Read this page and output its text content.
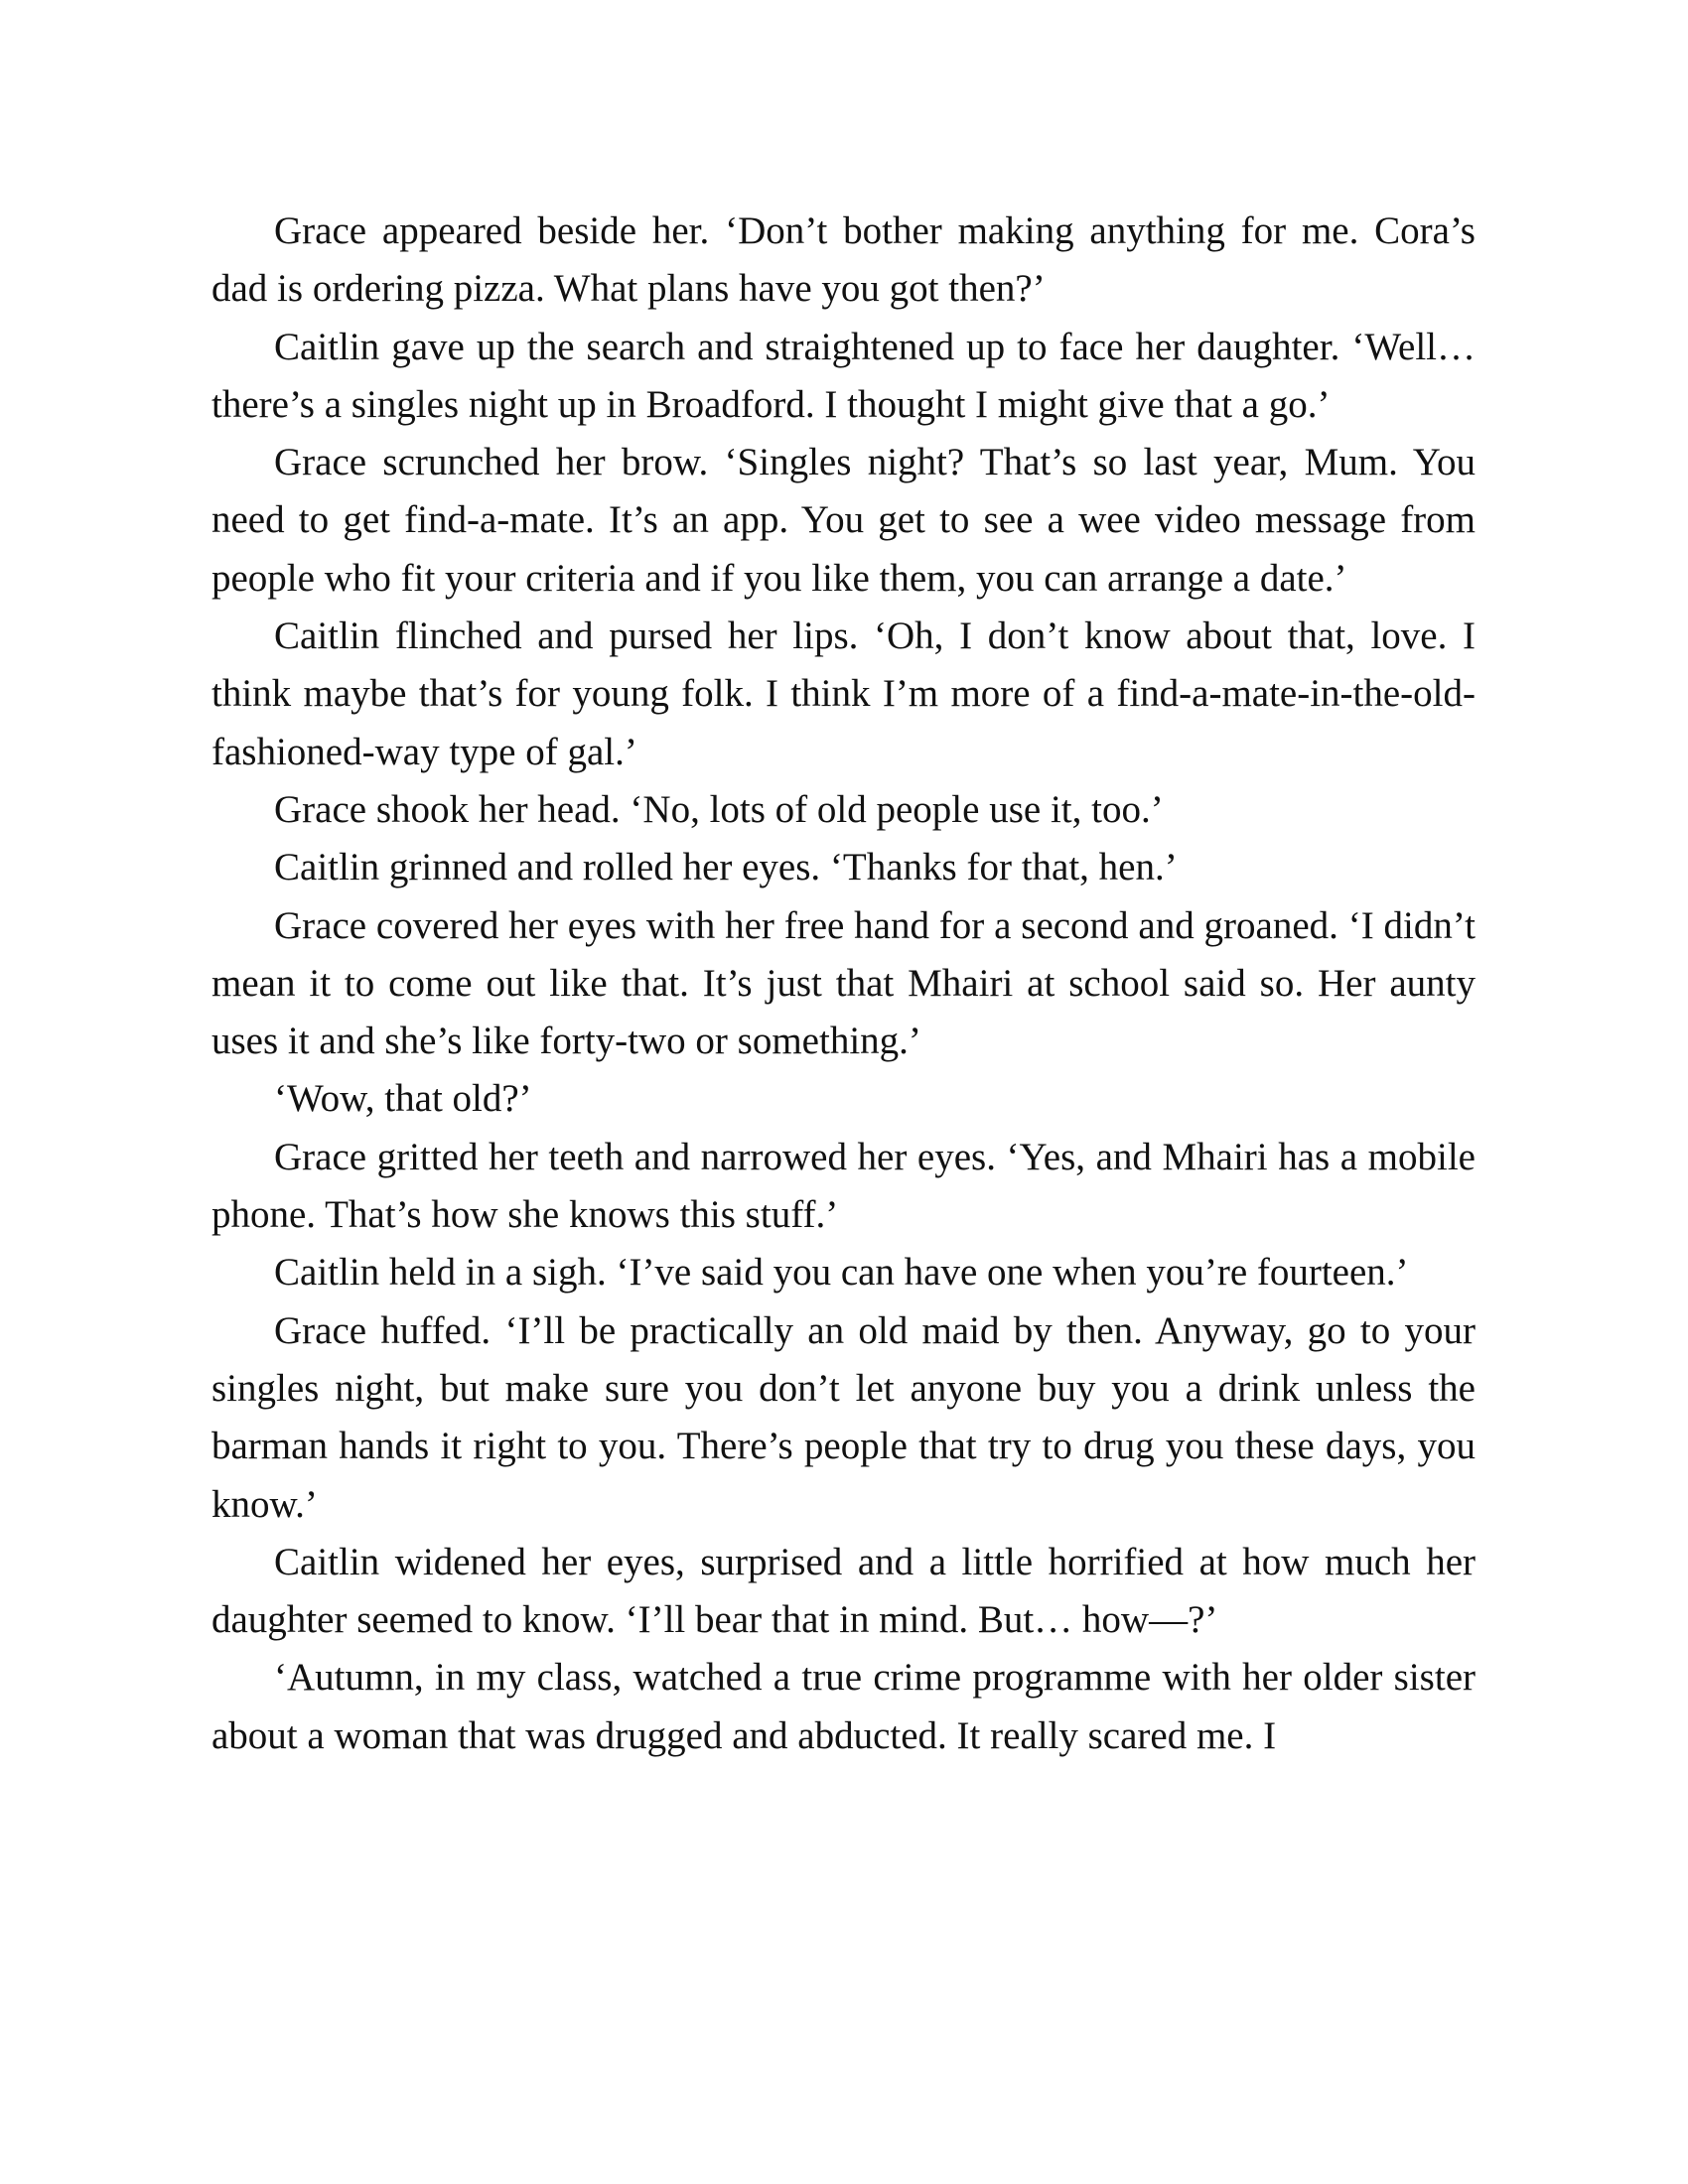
Grace appeared beside her. ‘Don’t bother making anything for me. Cora’s dad is ordering pizza. What plans have you got then?’

Caitlin gave up the search and straightened up to face her daughter. ‘Well… there’s a singles night up in Broadford. I thought I might give that a go.’

Grace scrunched her brow. ‘Singles night? That’s so last year, Mum. You need to get find-a-mate. It’s an app. You get to see a wee video message from people who fit your criteria and if you like them, you can arrange a date.’

Caitlin flinched and pursed her lips. ‘Oh, I don’t know about that, love. I think maybe that’s for young folk. I think I’m more of a find-a-mate-in-the-old-fashioned-way type of gal.’

Grace shook her head. ‘No, lots of old people use it, too.’

Caitlin grinned and rolled her eyes. ‘Thanks for that, hen.’

Grace covered her eyes with her free hand for a second and groaned. ‘I didn’t mean it to come out like that. It’s just that Mhairi at school said so. Her aunty uses it and she’s like forty-two or something.’

‘Wow, that old?’

Grace gritted her teeth and narrowed her eyes. ‘Yes, and Mhairi has a mobile phone. That’s how she knows this stuff.’

Caitlin held in a sigh. ‘I’ve said you can have one when you’re fourteen.’

Grace huffed. ‘I’ll be practically an old maid by then. Anyway, go to your singles night, but make sure you don’t let anyone buy you a drink unless the barman hands it right to you. There’s people that try to drug you these days, you know.’

Caitlin widened her eyes, surprised and a little horrified at how much her daughter seemed to know. ‘I’ll bear that in mind. But… how—?’

‘Autumn, in my class, watched a true crime programme with her older sister about a woman that was drugged and abducted. It really scared me. I
